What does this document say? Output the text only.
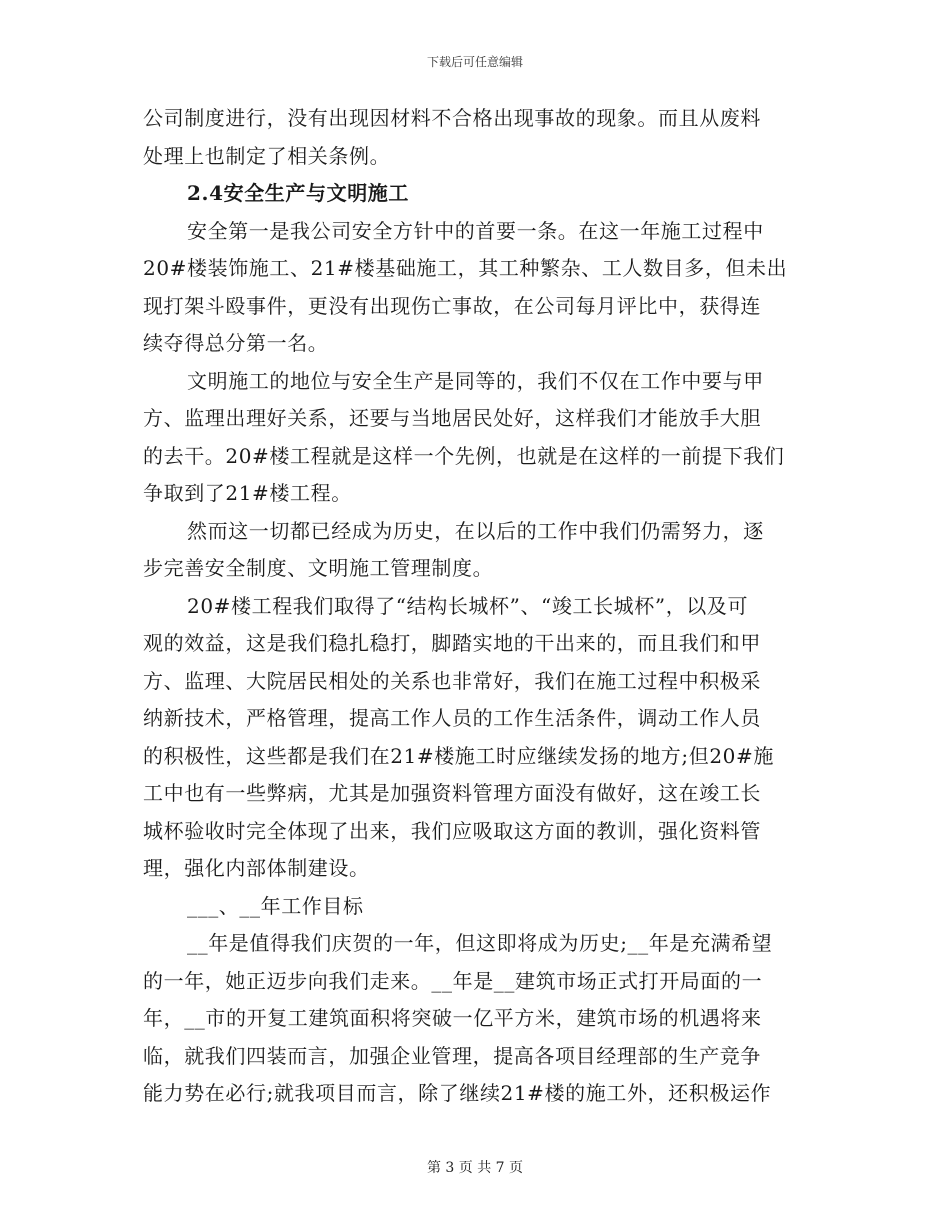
下载后可任意编辑
公司制度进行，没有出现因材料不合格出现事故的现象。而且从废料
处理上也制定了相关条例。
2.4安全生产与文明施工
安全第一是我公司安全方针中的首要一条。在这一年施工过程中
20#楼装饰施工、21#楼基础施工，其工种繁杂、工人数目多，但未出
现打架斗殴事件，更没有出现伤亡事故，在公司每月评比中，获得连
续夺得总分第一名。
文明施工的地位与安全生产是同等的，我们不仅在工作中要与甲
方、监理出理好关系，还要与当地居民处好，这样我们才能放手大胆
的去干。20#楼工程就是这样一个先例，也就是在这样的一前提下我们
争取到了21#楼工程。
然而这一切都已经成为历史，在以后的工作中我们仍需努力，逐
步完善安全制度、文明施工管理制度。
20#楼工程我们取得了“结构长城杯”、“竣工长城杯”，以及可
观的效益，这是我们稳扎稳打，脚踏实地的干出来的，而且我们和甲
方、监理、大院居民相处的关系也非常好，我们在施工过程中积极采
纳新技术，严格管理，提高工作人员的工作生活条件，调动工作人员
的积极性，这些都是我们在21#楼施工时应继续发扬的地方;但20#施
工中也有一些弊病，尤其是加强资料管理方面没有做好，这在竣工长
城杯验收时完全体现了出来，我们应吸取这方面的教训，强化资料管
理，强化内部体制建设。
___、__年工作目标
__年是值得我们庆贺的一年，但这即将成为历史;__年是充满希望
的一年，她正迈步向我们走来。__年是__建筑市场正式打开局面的一
年，__市的开复工建筑面积将突破一亿平方米，建筑市场的机遇将来
临，就我们四装而言，加强企业管理，提高各项目经理部的生产竞争
能力势在必行;就我项目而言，除了继续21#楼的施工外，还积极运作
第 3 页 共 7 页
